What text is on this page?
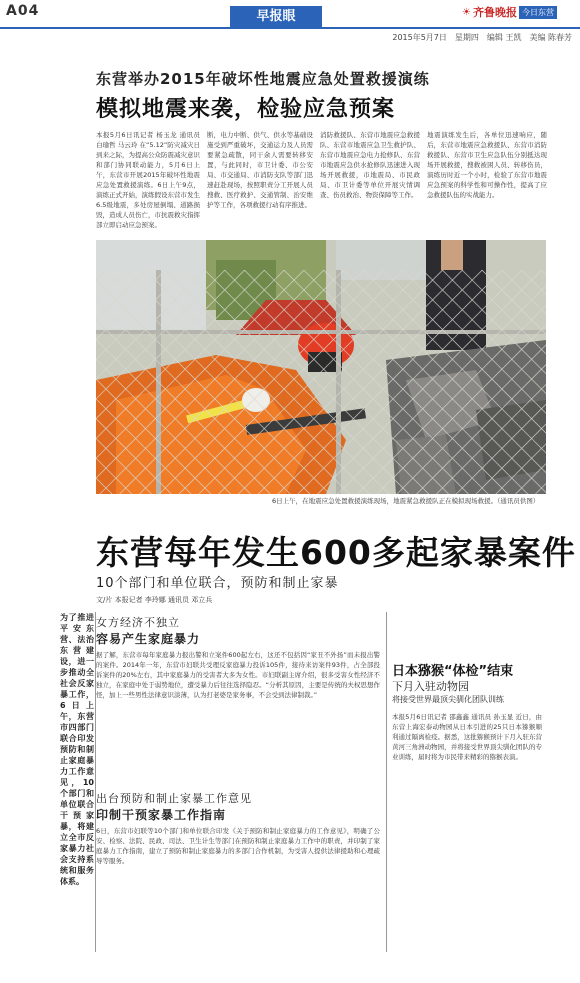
A04	早报眼	☀ 齐鲁晚报 今日东营
2015年5月7日 星期四 编辑 王凯 美编 陈春芳
东营举办2015年破坏性地震应急处置救援演练
模拟地震来袭，检验应急预案
本报5月6日讯记者 杨玉龙 通讯员 白瑜哲 马云玲 在“5.12”防灾减灾日到来之际，为提高公众防震减灾意识和部门协同联动能力，5月6日上午，东营市开展2015年破坏性地震应急处置救援演练。6日上午9点，演练正式开始，演练假设东营市发生6.5级地震，多处房屋倒塌、道路损毁，造成人员伤亡，市抗震救灾指挥部立即启动应急预案。
断，电力中断、供气、供水等基础设施受到严重破坏，交通运力及人员需要紧急疏散，同干余人需要转移安置，与此同时，市卫计委、市公安局、市交通局、市消防支队等部门迅速赶赴现场，按照职责分工开展人员搜救、医疗救护、交通管制、治安维护等工作，各项救援行动有序推进。
消防救援队、东营市地震应急救援队、东营市地震应急卫生救护队、东营市地震应急电力抢修队、东营市地震应急供水抢修队迅速进入现场开展救援，市地震局、市民政局、市卫计委等单位开展灾情调查、伤员救治、物资保障等工作。
地震演练发生后，各单位迅速响应，随后，东营市地震应急救援队、东营市消防救援队、东营市卫生应急队伍分别抵达现场开展救援，搜救被困人员、转移伤员，演练历时近一个小时，检验了东营市地震应急预案的科学性和可操作性，提高了应急救援队伍的实战能力。
6日上午，在地震应急处置救援演练现场，地震紧急救援队正在模拟现场救援。（通讯员供图）
东营每年发生600多起家暴案件
10个部门和单位联合，预防和制止家暴
文/片 本报记者 李玲娜 通讯员 邓立兵
为了推进平安东营、法治东营建设，进一步推动全社会反家暴工作，6日上午，东营市四部门联合印发预防和制止家庭暴力工作意见，10个部门和单位联合干预家暴，将建立全市反家暴力社会支持系统和服务体系。
女方经济不独立
容易产生家庭暴力
据了解，东营市每年家庭暴力报出警和立案件600起左右，这还不包括因“家丑不外扬”而未报出警的案件。2014年一年，东营市妇联共受理反家庭暴力投诉105件，接待来访案件93件，占全部投诉案件的20%左右，其中家庭暴力的受害者大多为女性。市妇联副主席介绍，很多受害女性经济不独立，在家庭中处于弱势地位，遭受暴力后往往选择隐忍。“分析其原因，主要是传统的夫权思想作怪，加上一些男性法律意识淡薄，认为打老婆是家务事，不会受到法律制裁。”
出台预防和制止家暴工作意见
印制干预家暴工作指南
6日，东营市妇联等10个部门和单位联合印发《关于预防和制止家庭暴力的工作意见》，明确了公安、检察、法院、民政、司法、卫生计生等部门在预防和制止家庭暴力工作中的职责，并印制了家庭暴力工作指南，建立了预防和制止家庭暴力的多部门合作机制，为受害人提供法律援助和心理疏导等服务。
日本猕猴“体检”结束
下月入驻动物园
将接受世界最顶尖驯化团队训练
本报5月6日讯记者 邵鑫鑫 通讯员 孙玉显 近日，由东营上海宏泰动物园从日本引进的25只日本猕猴顺利通过隔离检疫。据悉，这批猕猴预计下月入驻东营黄河三角洲动物园，并将接受世界顶尖驯化团队的专业训练，届时将为市民带来精彩的猕猴表演。
